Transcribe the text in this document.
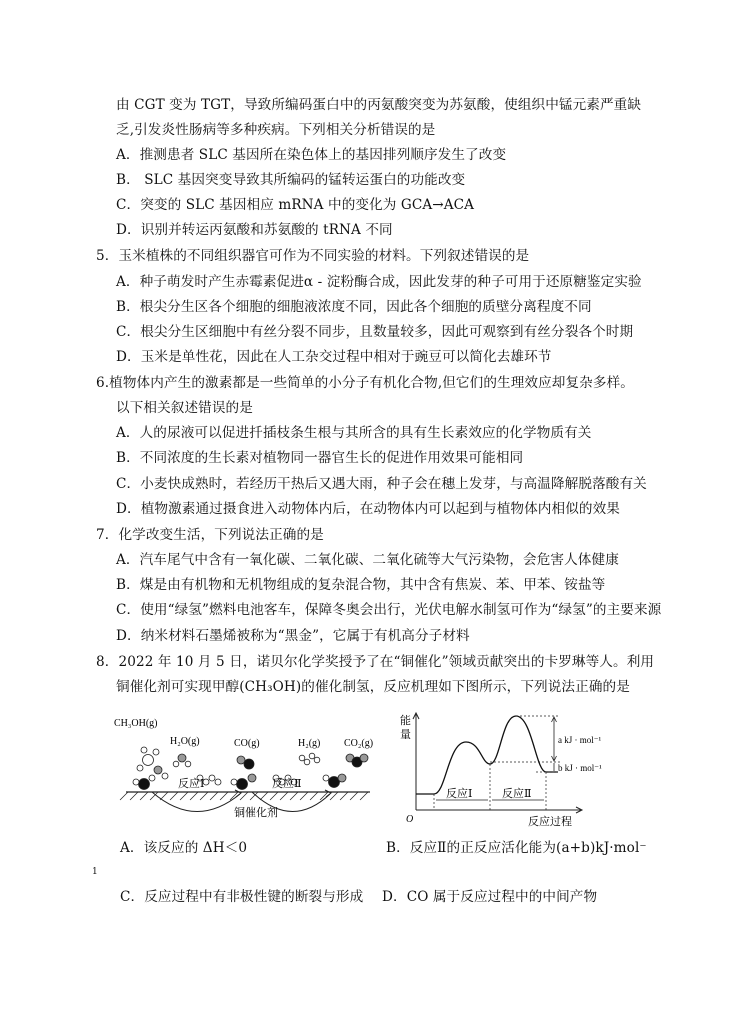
由 CGT 变为 TGT，导致所编码蛋白中的丙氨酸突变为苏氨酸，使组织中锰元素严重缺
乏,引发炎性肠病等多种疾病。下列相关分析错误的是
A．推测患者 SLC 基因所在染色体上的基因排列顺序发生了改变
B． SLC 基因突变导致其所编码的锰转运蛋白的功能改变
C．突变的 SLC 基因相应 mRNA 中的变化为 GCA→ACA
D．识别并转运丙氨酸和苏氨酸的 tRNA 不同
5．玉米植株的不同组织器官可作为不同实验的材料。下列叙述错误的是
A．种子萌发时产生赤霉素促进α - 淀粉酶合成，因此发芽的种子可用于还原糖鉴定实验
B．根尖分生区各个细胞的细胞液浓度不同，因此各个细胞的质壁分离程度不同
C．根尖分生区细胞中有丝分裂不同步，且数量较多，因此可观察到有丝分裂各个时期
D．玉米是单性花，因此在人工杂交过程中相对于豌豆可以简化去雄环节
6.植物体内产生的激素都是一些简单的小分子有机化合物,但它们的生理效应却复杂多样。
以下相关叙述错误的是
A．人的尿液可以促进扦插枝条生根与其所含的具有生长素效应的化学物质有关
B．不同浓度的生长素对植物同一器官生长的促进作用效果可能相同
C．小麦快成熟时，若经历干热后又遇大雨，种子会在穗上发芽，与高温降解脱落酸有关
D．植物激素通过摄食进入动物体内后，在动物体内可以起到与植物体内相似的效果
7．化学改变生活，下列说法正确的是
A．汽车尾气中含有一氧化碳、二氧化碳、二氧化硫等大气污染物，会危害人体健康
B．煤是由有机物和无机物组成的复杂混合物，其中含有焦炭、苯、甲苯、铵盐等
C．使用“绿氢”燃料电池客车，保障冬奥会出行，光伏电解水制氢可作为“绿氢”的主要来源
D．纳米材料石墨烯被称为“黑金”，它属于有机高分子材料
8．2022 年 10 月 5 日，诺贝尔化学奖授予了在“铜催化”领域贡献突出的卡罗琳等人。利用
铜催化剂可实现甲醇(CH₃OH)的催化制氢，反应机理如下图所示，下列说法正确的是
CH₃OH(g)
H₂O(g)	CO(g)	H₂(g) CO₂(g)
反应Ⅰ	反应Ⅱ
铜催化剂
能
量
O
a kJ · mol⁻¹
b kJ · mol⁻¹
反应Ⅰ	反应Ⅱ
反应过程
A．该反应的 ΔH＜0	B．反应Ⅱ的正反应活化能为(a+b)kJ·mol⁻
1
C．反应过程中有非极性键的断裂与形成 D．CO 属于反应过程中的中间产物
